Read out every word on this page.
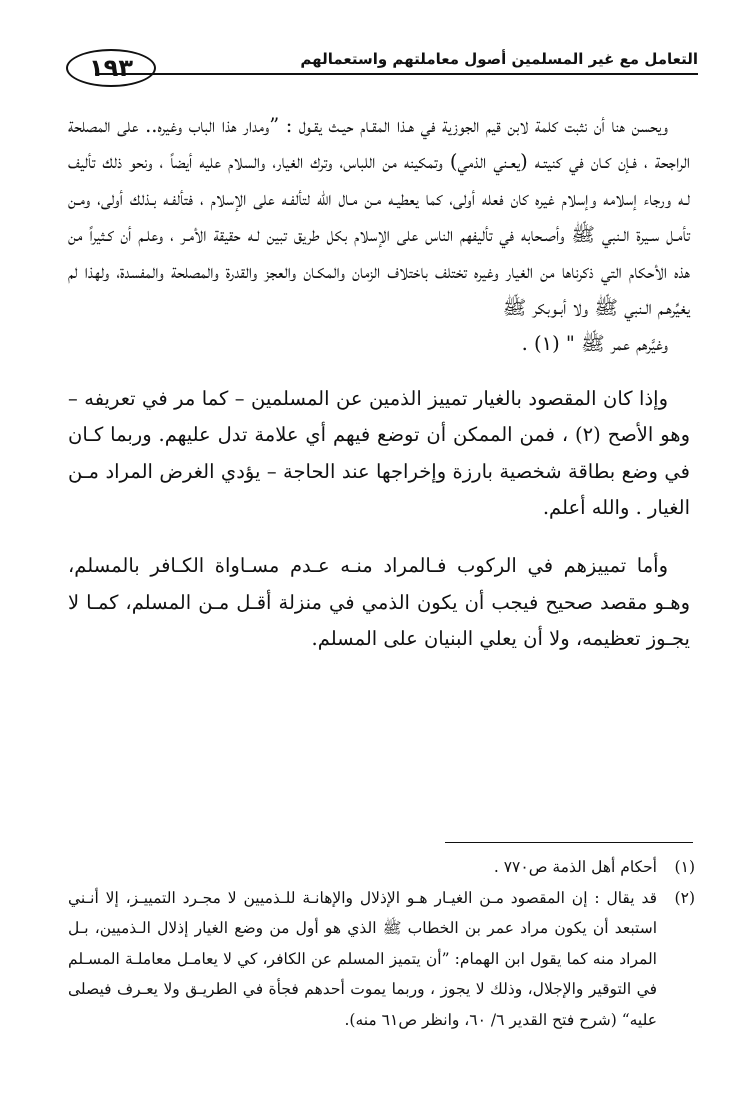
التعامل مع غير المسلمين أصول معاملتهم واستعمالهم
١٩٣

ويحسن هنا أن نثبت كلمة لابن قيم الجوزية في هـذا المقـام حيـث يقـول : ”ومدار هذا الباب وغيره.. على المصلحة الراجحة ، فـإن كـان في كنيتـه (يعـني الذمي) وتمكينه من اللباس، وترك الغيار، والسلام عليه أيضاً ، ونحو ذلك تأليف لـه ورجاء إسلامه وإسلام غيره كان فعله أولى، كما يعطيـه مـن مـال الله لتألفـه على الإسلام ، فتألفـه بـذلك أولى، ومـن تأمـل سـيرة الـنبي ﷺ وأصـحابه في تأليفهم الناس على الإسلام بكل طريق تبين لـه حقيقة الأمـر ، وعلـم أن كـثيراً من هذه الأحكام التي ذكرناها من الغيار وغيره تختلف باختلاف الزمان والمكـان والعجز والقدرة والمصلحة والمفسدة، ولهذا لم يغيِّرهـم الـنبي ﷺ ولا أبـوبكر ﷺ
وغيَّرهم عمر ﷺ " (١) .

وإذا كان المقصود بالغيار تمييز الذمين عن المسلمين – كما مر في تعريفه – وهو الأصح (٢) ، فمن الممكن أن توضع فيهم أي علامة تدل عليهم. وربما كـان في وضع بطاقة شخصية بارزة وإخراجها عند الحاجة – يؤدي الغرض المراد مـن الغيار . والله أعلم.

وأما تمييزهم في الركوب فـالمراد منـه عـدم مسـاواة الكـافر بالمسلم، وهـو مقصد صحيح فيجب أن يكون الذمي في منزلة أقـل مـن المسلم، كمـا لا يجـوز تعظيمه، ولا أن يعلي البنيان على المسلم.

(١)
أحكام أهل الذمة ص٧٧٠ .
(٢)
قد يقال : إن المقصود مـن الغيـار هـو الإذلال والإهانـة للـذميين لا مجـرد التمييـز، إلا أنـني استبعد أن يكون مراد عمر بن الخطاب ﷺ الذي هو أول من وضع الغيار إذلال الـذميين، بـل المراد منه كما يقول ابن الهمام: ”أن يتميز المسلم عن الكافر، كي لا يعامـل معاملـة المسـلم في التوقير والإجلال، وذلك لا يجوز ، وربما يموت أحدهم فجأة في الطريـق ولا يعـرف فيصلى عليه“ (شرح فتح القدير ٦/ ٦٠، وانظر ص٦١ منه).
